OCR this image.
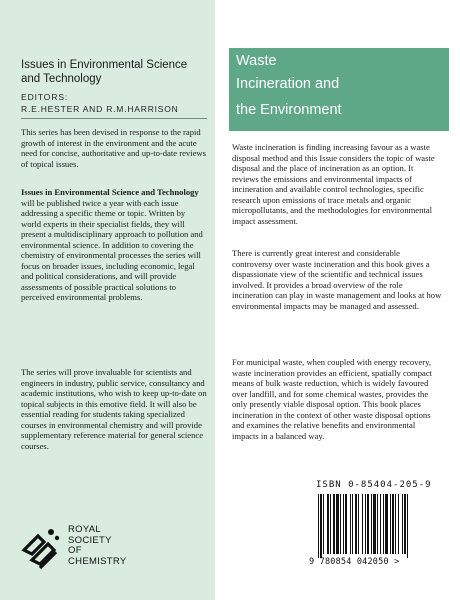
Issues in Environmental Science and Technology
EDITORS:
R.E.HESTER AND R.M.HARRISON
This series has been devised in response to the rapid growth of interest in the environment and the acute need for concise, authoritative and up-to-date reviews of topical issues.
Issues in Environmental Science and Technology will be published twice a year with each issue addressing a specific theme or topic. Written by world experts in their specialist fields, they will present a multidisciplinary approach to pollution and environmental science. In addition to covering the chemistry of environmental processes the series will focus on broader issues, including economic, legal and political considerations, and will provide assessments of possible practical solutions to perceived environmental problems.
The series will prove invaluable for scientists and engineers in industry, public service, consultancy and academic institutions, who wish to keep up-to-date on topical subjects in this emotive field. It will also be essential reading for students taking specialized courses in environmental chemistry and will provide supplementary reference material for general science courses.
ROYAL
SOCIETY OF
CHEMISTRY
Waste
Incineration and
the Environment
Waste incineration is finding increasing favour as a waste disposal method and this Issue considers the topic of waste disposal and the place of incineration as an option. It reviews the emissions and environmental impacts of incineration and available control technologies, specific research upon emissions of trace metals and organic micropollutants, and the methodologies for environmental impact assessment.
There is currently great interest and considerable controversy over waste incineration and this book gives a dispassionate view of the scientific and technical issues involved. It provides a broad overview of the role incineration can play in waste management and looks at how environmental impacts may be managed and assessed.
For municipal waste, when coupled with energy recovery, waste incineration provides an efficient, spatially compact means of bulk waste reduction, which is widely favoured over landfill, and for some chemical wastes, provides the only presently viable disposal option. This book places incineration in the context of other waste disposal options and examines the relative benefits and environmental impacts in a balanced way.
ISBN 0-85404-205-9
9 780854 042050 >
